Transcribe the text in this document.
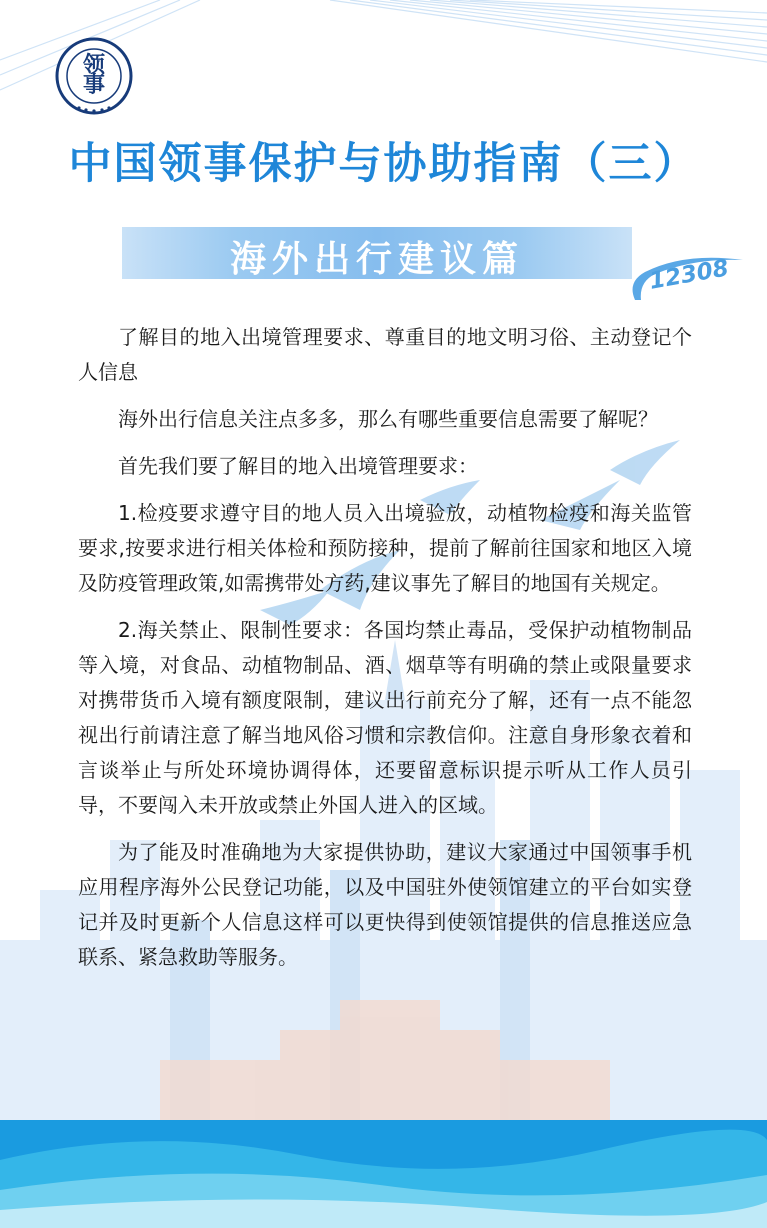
领事
中国领事保护与协助指南（三）
海外出行建议篇	12308

了解目的地入出境管理要求、尊重目的地文明习俗、主动登记个人信息

海外出行信息关注点多多，那么有哪些重要信息需要了解呢？

首先我们要了解目的地入出境管理要求：

1.检疫要求遵守目的地人员入出境验放，动植物检疫和海关监管要求,按要求进行相关体检和预防接种，提前了解前往国家和地区入境及防疫管理政策,如需携带处方药,建议事先了解目的地国有关规定。

2.海关禁止、限制性要求：各国均禁止毒品，受保护动植物制品等入境，对食品、动植物制品、酒、烟草等有明确的禁止或限量要求对携带货币入境有额度限制，建议出行前充分了解，还有一点不能忽视出行前请注意了解当地风俗习惯和宗教信仰。注意自身形象衣着和言谈举止与所处环境协调得体，还要留意标识提示听从工作人员引导，不要闯入未开放或禁止外国人进入的区域。

为了能及时准确地为大家提供协助，建议大家通过中国领事手机应用程序海外公民登记功能，以及中国驻外使领馆建立的平台如实登记并及时更新个人信息这样可以更快得到使领馆提供的信息推送应急联系、紧急救助等服务。
